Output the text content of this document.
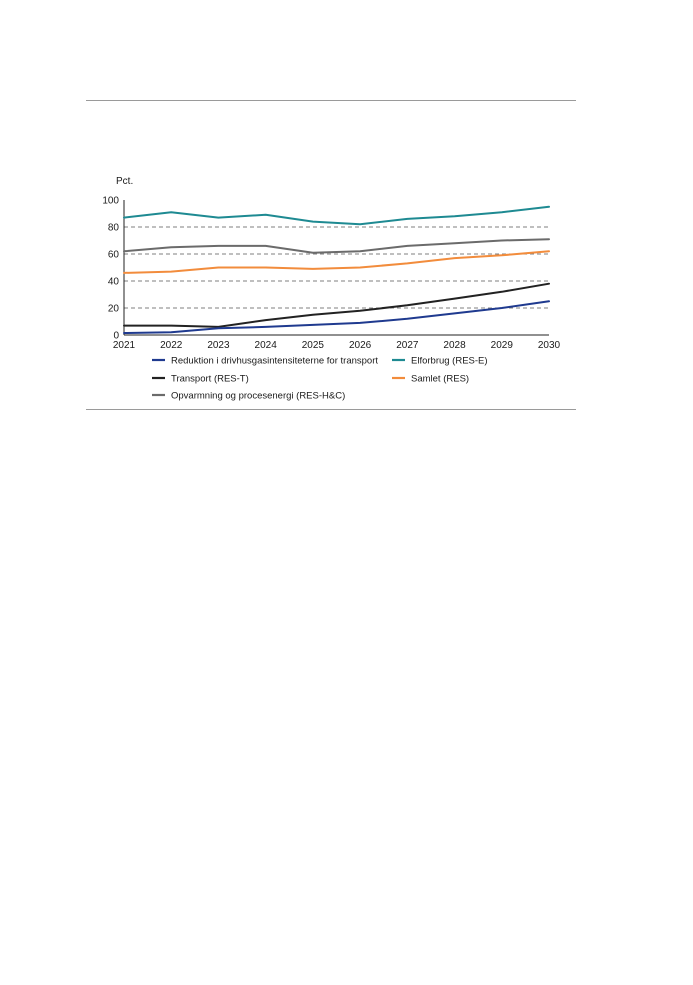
0
20
40
60
80
100
2021 2022 2023 2024 2025 2026 2027 2028 2029 2030
Pct.
Reduktion i drivhusgasintensiteterne for transport	Elforbrug (RES-E)
Transport (RES-T)	Samlet (RES)
Opvarmning og procesenergi (RES-H&C)
